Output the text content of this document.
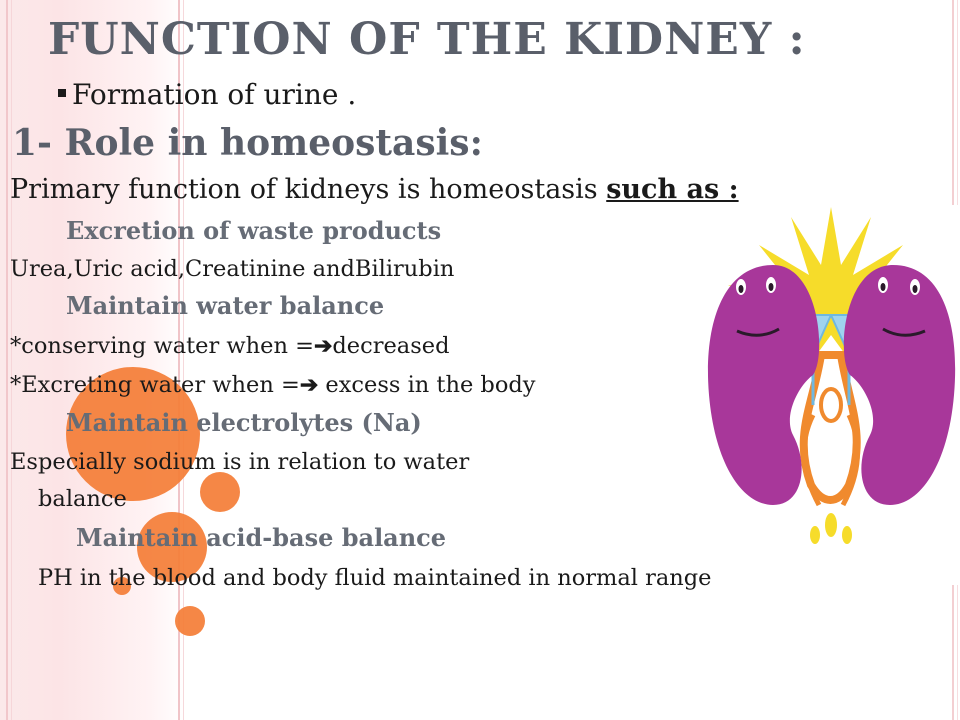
FUNCTION OF THE KIDNEY :
Formation of urine .
1- Role in homeostasis:
Primary function of kidneys is homeostasis such as :
Excretion of waste products
Urea,Uric acid,Creatinine andBilirubin
Maintain water balance
*conserving water when =➔decreased
*Excreting water when =➔ excess in the body
Maintain electrolytes (Na)
Especially sodium is in relation to water
balance
Maintain acid-base balance
PH in the blood and body fluid maintained in normal range
